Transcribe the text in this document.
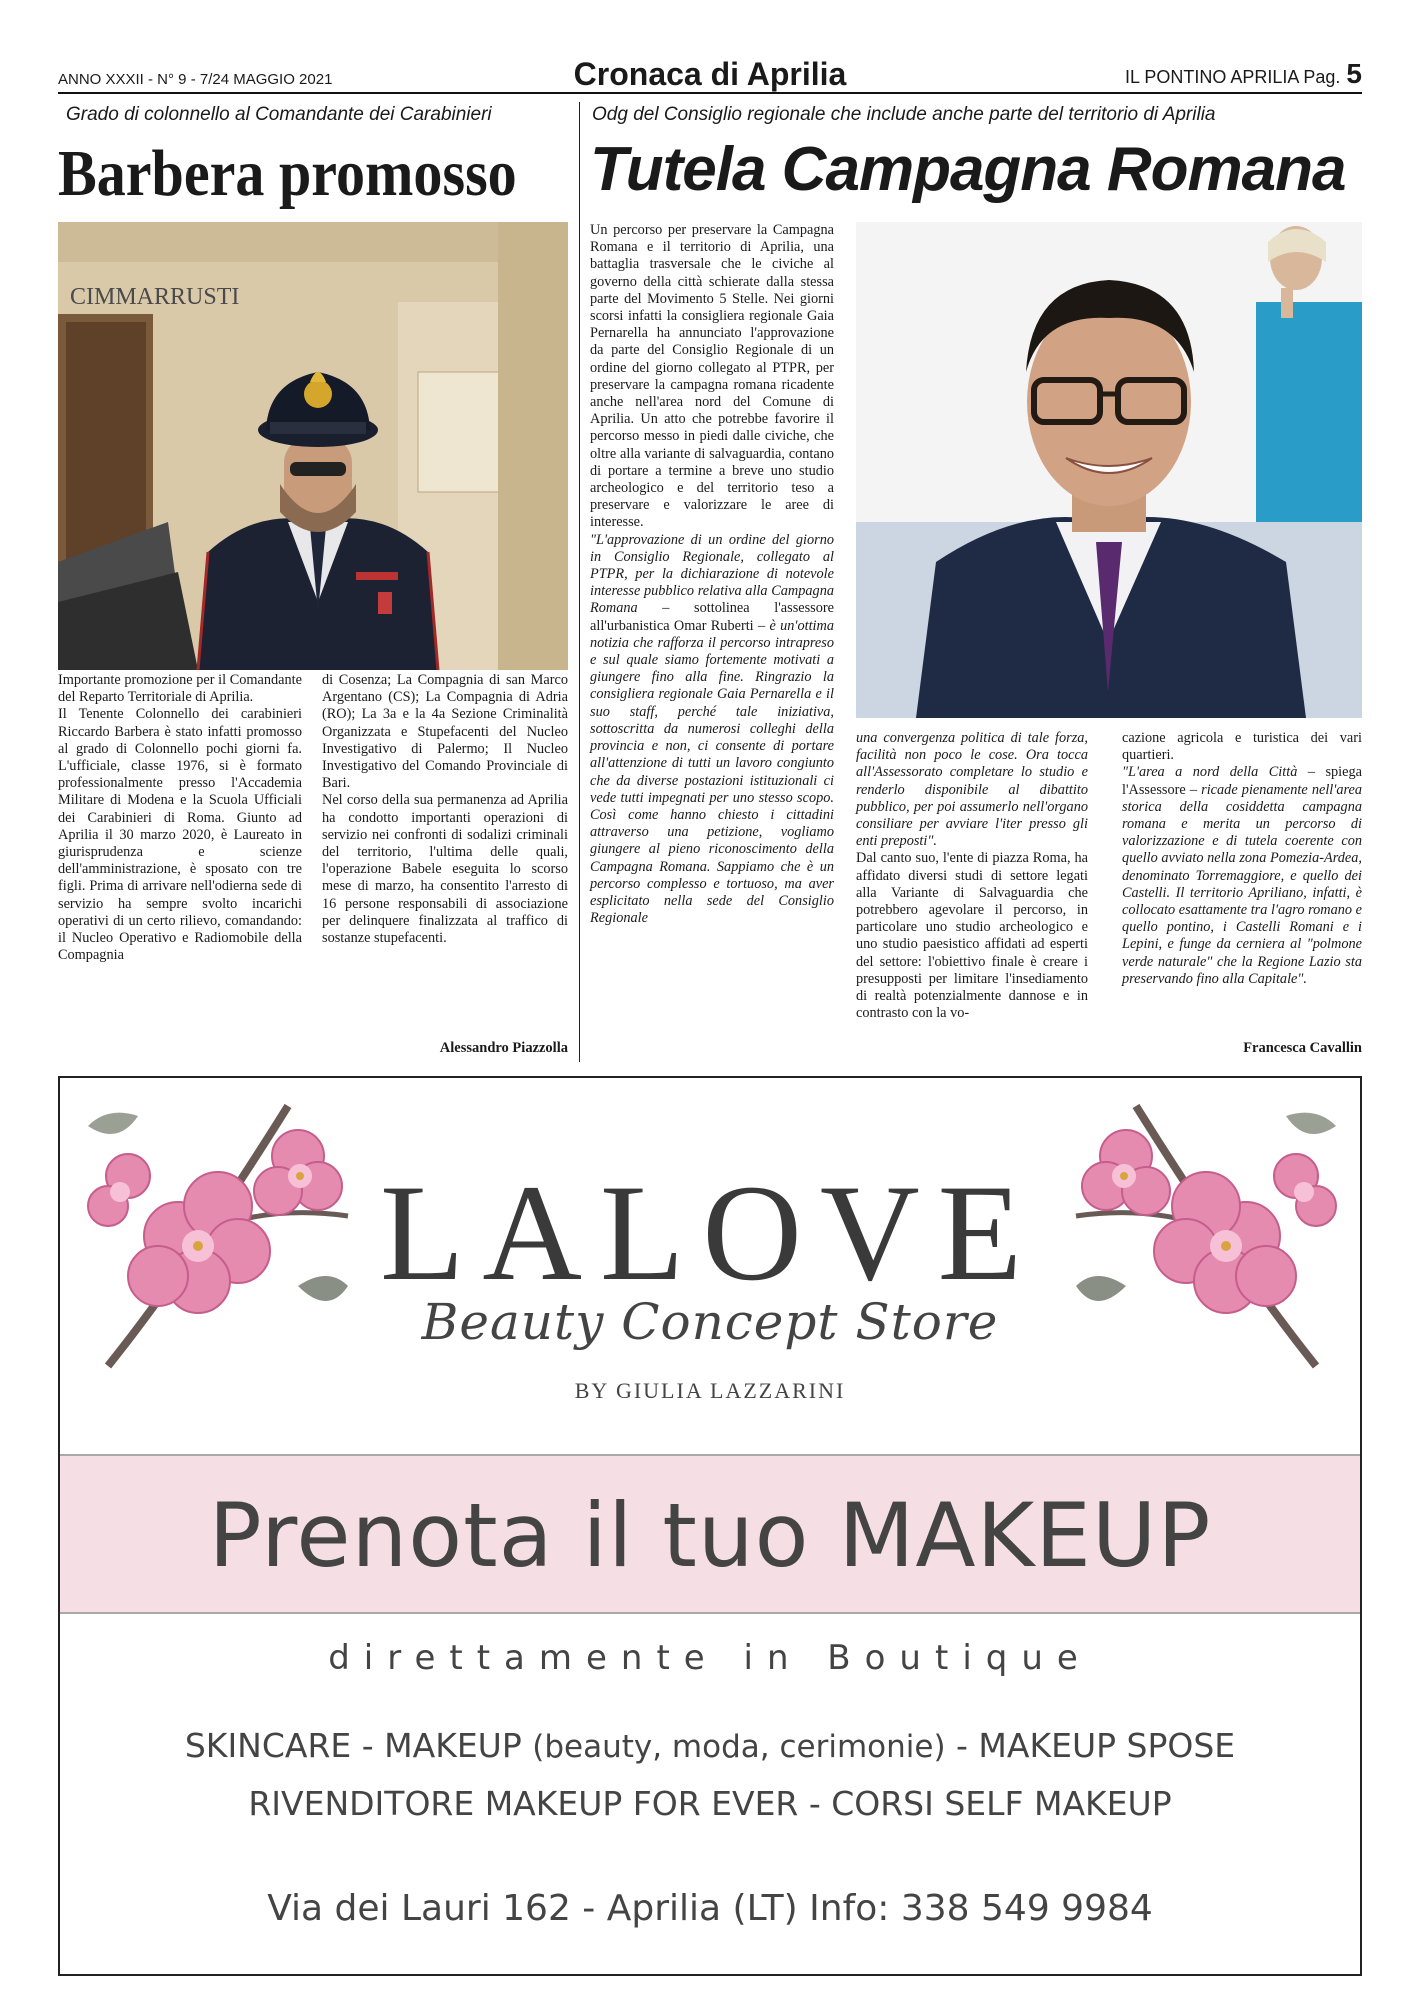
ANNO XXXII - N° 9 - 7/24 MAGGIO 2021	Cronaca di Aprilia	IL PONTINO APRILIA Pag. 5
Grado di colonnello al Comandante dei Carabinieri
Barbera promosso
CIMMARRUSTI

Importante promozione per il Comandante del Reparto Territoriale di Aprilia.

Il Tenente Colonnello dei carabinieri Riccardo Barbera è stato infatti promosso al grado di Colonnello pochi giorni fa. L'ufficiale, classe 1976, si è formato professionalmente presso l'Accademia Militare di Modena e la Scuola Ufficiali dei Carabinieri di Roma. Giunto ad Aprilia il 30 marzo 2020, è Laureato in giurisprudenza e scienze dell'amministrazione, è sposato con tre figli. Prima di arrivare nell'odierna sede di servizio ha sempre svolto incarichi operativi di un certo rilievo, comandando: il Nucleo Operativo e Radiomobile della Compagnia

di Cosenza; La Compagnia di san Marco Argentano (CS); La Compagnia di Adria (RO); La 3a e la 4a Sezione Criminalità Organizzata e Stupefacenti del Nucleo Investigativo di Palermo; Il Nucleo Investigativo del Comando Provinciale di Bari.

Nel corso della sua permanenza ad Aprilia ha condotto importanti operazioni di servizio nei confronti di sodalizi criminali del territorio, l'ultima delle quali, l'operazione Babele eseguita lo scorso mese di marzo, ha consentito l'arresto di 16 persone responsabili di associazione per delinquere finalizzata al traffico di sostanze stupefacenti.

Alessandro Piazzolla
Odg del Consiglio regionale che include anche parte del territorio di Aprilia
Tutela Campagna Romana

Un percorso per preservare la Campagna Romana e il territorio di Aprilia, una battaglia trasversale che le civiche al governo della città schierate dalla stessa parte del Movimento 5 Stelle. Nei giorni scorsi infatti la consigliera regionale Gaia Pernarella ha annunciato l'approvazione da parte del Consiglio Regionale di un ordine del giorno collegato al PTPR, per preservare la campagna romana ricadente anche nell'area nord del Comune di Aprilia. Un atto che potrebbe favorire il percorso messo in piedi dalle civiche, che oltre alla variante di salvaguardia, contano di portare a termine a breve uno studio archeologico e del territorio teso a preservare e valorizzare le aree di interesse.

"L'approvazione di un ordine del giorno in Consiglio Regionale, collegato al PTPR, per la dichiarazione di notevole interesse pubblico relativa alla Campagna Romana – sottolinea l'assessore all'urbanistica Omar Ruberti – è un'ottima notizia che rafforza il percorso intrapreso e sul quale siamo fortemente motivati a giungere fino alla fine. Ringrazio la consigliera regionale Gaia Pernarella e il suo staff, perché tale iniziativa, sottoscritta da numerosi colleghi della provincia e non, ci consente di portare all'attenzione di tutti un lavoro congiunto che da diverse postazioni istituzionali ci vede tutti impegnati per uno stesso scopo. Così come hanno chiesto i cittadini attraverso una petizione, vogliamo giungere al pieno riconoscimento della Campagna Romana. Sappiamo che è un percorso complesso e tortuoso, ma aver esplicitato nella sede del Consiglio Regionale

una convergenza politica di tale forza, facilità non poco le cose. Ora tocca all'Assessorato completare lo studio e renderlo disponibile al dibattito pubblico, per poi assumerlo nell'organo consiliare per avviare l'iter presso gli enti preposti".

Dal canto suo, l'ente di piazza Roma, ha affidato diversi studi di settore legati alla Variante di Salvaguardia che potrebbero agevolare il percorso, in particolare uno studio archeologico e uno studio paesistico affidati ad esperti del settore: l'obiettivo finale è creare i presupposti per limitare l'insediamento di realtà potenzialmente dannose e in contrasto con la vo-

cazione agricola e turistica dei vari quartieri.

"L'area a nord della Città – spiega l'Assessore – ricade pienamente nell'area storica della cosiddetta campagna romana e merita un percorso di valorizzazione e di tutela coerente con quello avviato nella zona Pomezia-Ardea, denominato Torremaggiore, e quello dei Castelli. Il territorio Apriliano, infatti, è collocato esattamente tra l'agro romano e quello pontino, i Castelli Romani e i Lepini, e funge da cerniera al "polmone verde naturale" che la Regione Lazio sta preservando fino alla Capitale".

Francesca Cavallin
LALOVE
Beauty Concept Store
BY GIULIA LAZZARINI
Prenota il tuo MAKEUP
direttamente in Boutique
SKINCARE - MAKEUP (beauty, moda, cerimonie) - MAKEUP SPOSE
RIVENDITORE MAKEUP FOR EVER - CORSI SELF MAKEUP
Via dei Lauri 162 - Aprilia (LT) Info: 338 549 9984
